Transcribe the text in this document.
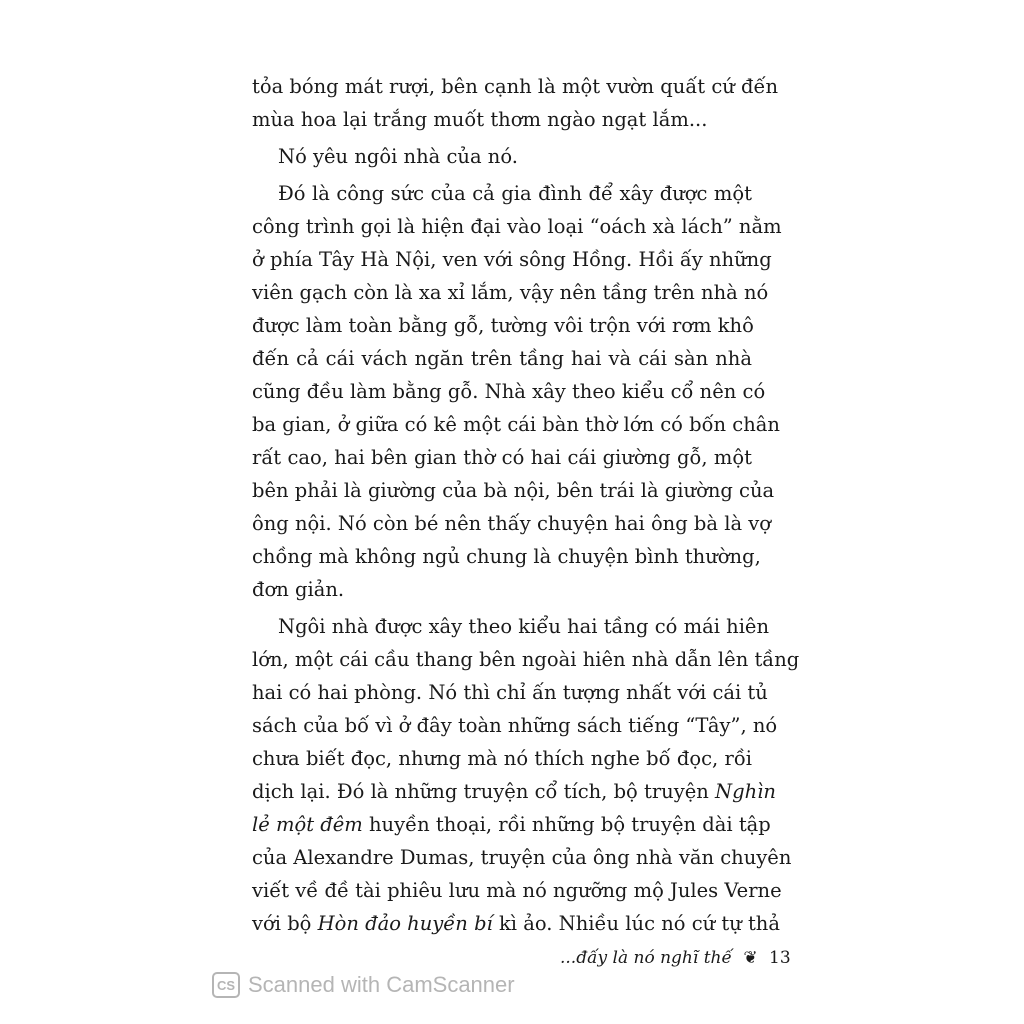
tỏa bóng mát rượi, bên cạnh là một vườn quất cứ đến
mùa hoa lại trắng muốt thơm ngào ngạt lắm...
Nó yêu ngôi nhà của nó.
Đó là công sức của cả gia đình để xây được một
công trình gọi là hiện đại vào loại “oách xà lách” nằm
ở phía Tây Hà Nội, ven với sông Hồng. Hồi ấy những
viên gạch còn là xa xỉ lắm, vậy nên tầng trên nhà nó
được làm toàn bằng gỗ, tường vôi trộn với rơm khô
đến cả cái vách ngăn trên tầng hai và cái sàn nhà
cũng đều làm bằng gỗ. Nhà xây theo kiểu cổ nên có
ba gian, ở giữa có kê một cái bàn thờ lớn có bốn chân
rất cao, hai bên gian thờ có hai cái giường gỗ, một
bên phải là giường của bà nội, bên trái là giường của
ông nội. Nó còn bé nên thấy chuyện hai ông bà là vợ
chồng mà không ngủ chung là chuyện bình thường,
đơn giản.
Ngôi nhà được xây theo kiểu hai tầng có mái hiên
lớn, một cái cầu thang bên ngoài hiên nhà dẫn lên tầng
hai có hai phòng. Nó thì chỉ ấn tượng nhất với cái tủ
sách của bố vì ở đây toàn những sách tiếng “Tây”, nó
chưa biết đọc, nhưng mà nó thích nghe bố đọc, rồi
dịch lại. Đó là những truyện cổ tích, bộ truyện Nghìn
lẻ một đêm huyền thoại, rồi những bộ truyện dài tập
của Alexandre Dumas, truyện của ông nhà văn chuyên
viết về đề tài phiêu lưu mà nó ngưỡng mộ Jules Verne
với bộ Hòn đảo huyền bí kì ảo. Nhiều lúc nó cứ tự thả
...đấy là nó nghĩ thế ❦ 13
CS Scanned with CamScanner
